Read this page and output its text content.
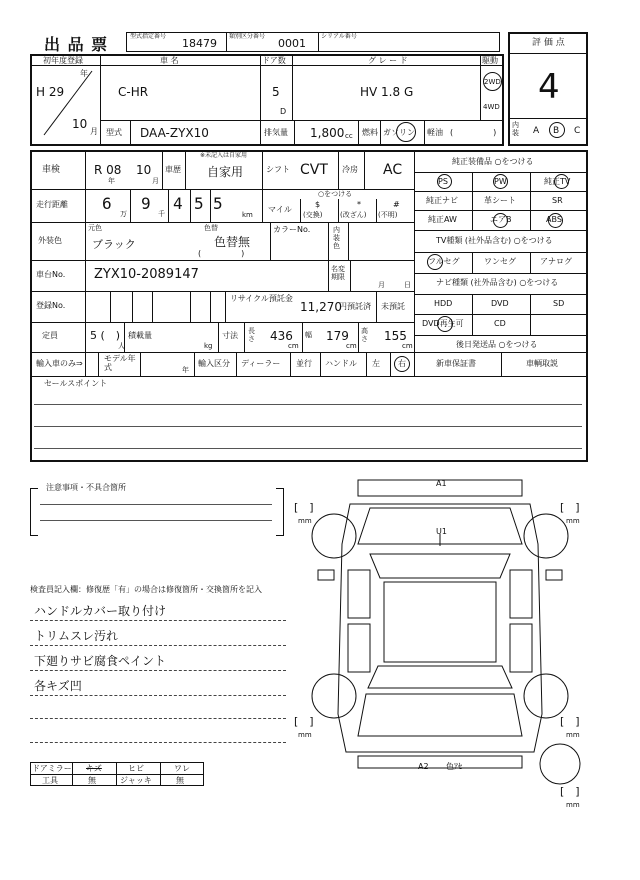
出 品 票	型式指定番号
18479
類別区分番号
0001
シリアル番号
評 価 点
4
内装 A B C
初年度登録	車 名	ドア数	グ レ ー ド	駆動
年
H 29
10
月
C-HR	5
D
HV 1.8 G
2WD
4WD
型式 DAA-ZYX10	排気量 1,800 cc 燃料 ガソリン 軽油 (　　　　　)
車検	R 08
年
10
月
車歴
※未記入は自家用
自家用	シフト CVT 冷房 AC
走行距離 6
万
9
千
4 5 5
km
○をつける
マイル
$
(交換)
*
(改ざん)
#
(不明)
外装色
元色
ブラック
色替
色替無
(　　　　　)
カラーNo.	内装色
車台No. ZYX10-2089147	名変期限
月	日
登録No.
リサイクル預託金
11,270
円預託済 未預託
定員	5 (　)
人
積載量
kg
寸法 長さ 436
cm
幅 179
cm
高さ 155
cm
輸入車のみ⇒
モデル年式	年
輸入区分 ディーラー 並行 ハンドル 左 右
純正装備品 ○をつける
PS	PW	純正TV
純正ナビ	革シート	SR
純正AW	エアB	ABS
TV種類 (社外品含む) ○をつける
フルセグ	ワンセグ	アナログ
ナビ種類 (社外品含む) ○をつける
HDD	DVD	SD
DVD再生可	CD
後日発送品 ○をつける
新車保証書	車輌取説
セールスポイント
注意事項・不具合箇所
検査員記入欄：修復歴「有」の場合は修復箇所・交換箇所を記入
ハンドルカバー取り付け
トリムスレ汚れ
下廻りサビ腐食ペイント
各キズ凹
ドアミラー キズ	ヒビ	ワレ
工具	無	ジャッキ	無
A1
U1
A2 色ｱｾ
[　]
mm
[　]
mm
[　]
mm
[　]
mm
[　]
mm
